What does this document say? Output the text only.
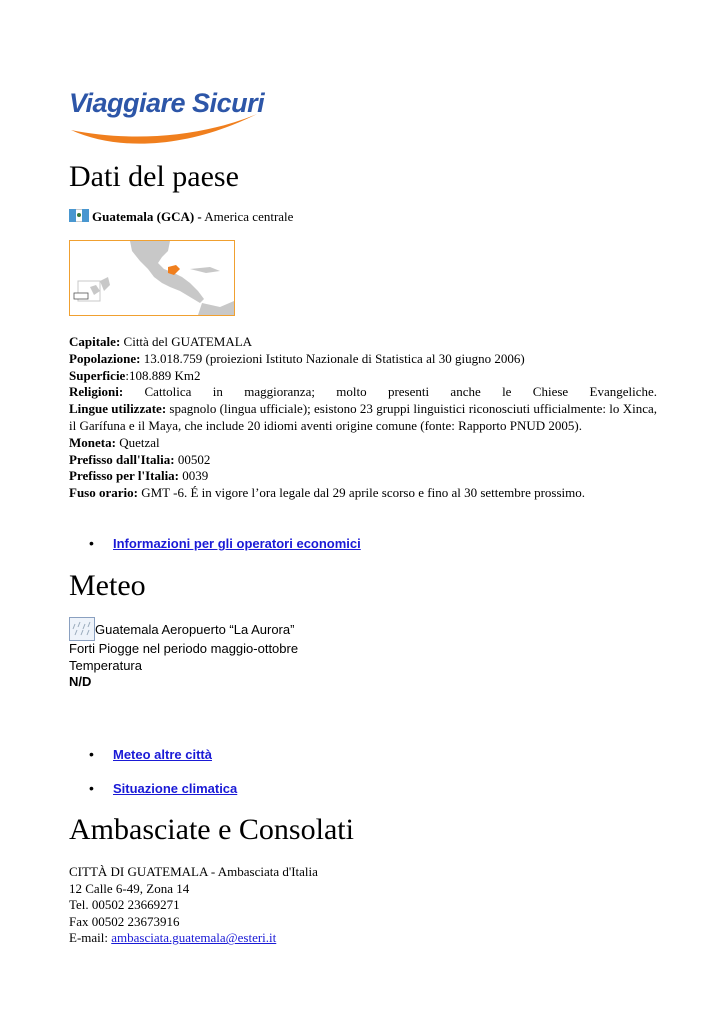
Viaggiare Sicuri
Dati del paese
Guatemala (GCA) - America centrale

Capitale: Città del GUATEMALA

Popolazione: 13.018.759 (proiezioni Istituto Nazionale di Statistica al 30 giugno 2006)

Superficie:108.889 Km2

Religioni: Cattolica in maggioranza; molto presenti anche le Chiese Evangeliche.

Lingue utilizzate: spagnolo (lingua ufficiale); esistono 23 gruppi linguistici riconosciuti ufficialmente: lo Xinca, il Garífuna e il Maya, che include 20 idiomi aventi origine comune (fonte: Rapporto PNUD 2005).

Moneta: Quetzal

Prefisso dall'Italia: 00502

Prefisso per l'Italia: 0039

Fuso orario: GMT -6. É in vigore l’ora legale dal 29 aprile scorso e fino al 30 settembre prossimo.

• Informazioni per gli operatori economici
Meteo
Guatemala Aeropuerto “La Aurora”
Forti Piogge nel periodo maggio-ottobre
Temperatura
N/D
• Meteo altre città
• Situazione climatica
Ambasciate e Consolati
CITTÀ DI GUATEMALA - Ambasciata d'Italia
12 Calle 6-49, Zona 14
Tel. 00502 23669271
Fax 00502 23673916
E-mail: ambasciata.guatemala@esteri.it
